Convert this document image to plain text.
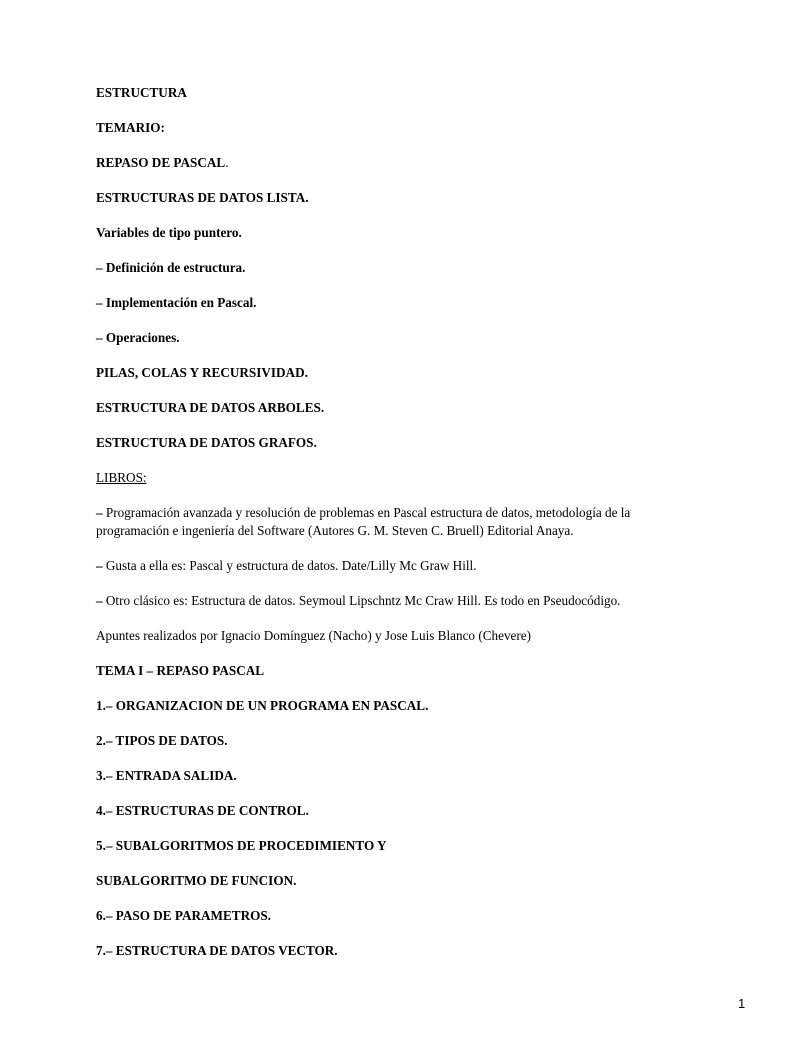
ESTRUCTURA
TEMARIO:
REPASO DE PASCAL.
ESTRUCTURAS DE DATOS LISTA.
Variables de tipo puntero.
– Definición de estructura.
– Implementación en Pascal.
– Operaciones.
PILAS, COLAS Y RECURSIVIDAD.
ESTRUCTURA DE DATOS ARBOLES.
ESTRUCTURA DE DATOS GRAFOS.
LIBROS:
– Programación avanzada y resolución de problemas en Pascal estructura de datos, metodología de la programación e ingeniería del Software (Autores G. M. Steven C. Bruell) Editorial Anaya.
– Gusta a ella es: Pascal y estructura de datos. Date/Lilly Mc Graw Hill.
– Otro clásico es: Estructura de datos. Seymoul Lipschntz Mc Craw Hill. Es todo en Pseudocódigo.
Apuntes realizados por Ignacio Domínguez (Nacho) y Jose Luis Blanco (Chevere)
TEMA I – REPASO PASCAL
1.– ORGANIZACION DE UN PROGRAMA EN PASCAL.
2.– TIPOS DE DATOS.
3.– ENTRADA SALIDA.
4.– ESTRUCTURAS DE CONTROL.
5.– SUBALGORITMOS DE PROCEDIMIENTO Y
SUBALGORITMO DE FUNCION.
6.– PASO DE PARAMETROS.
7.– ESTRUCTURA DE DATOS VECTOR.
1
